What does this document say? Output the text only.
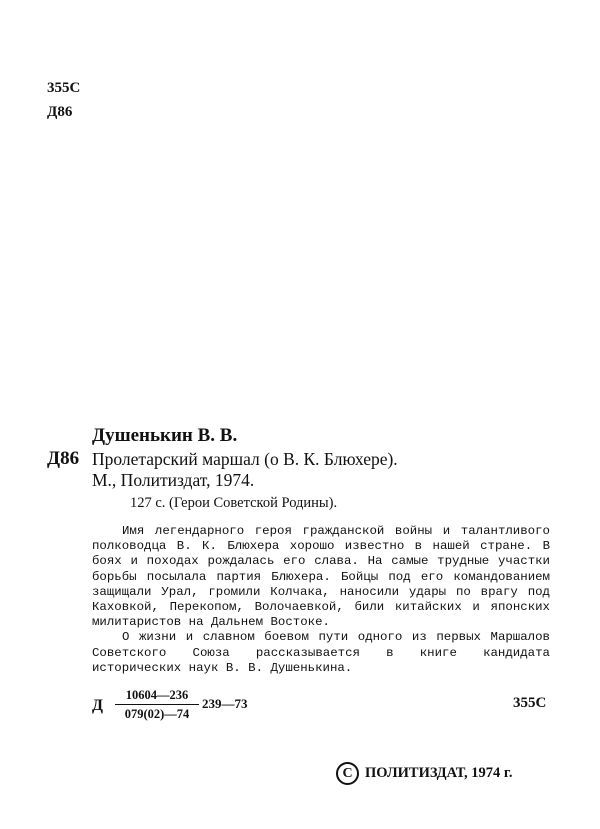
355С
Д86
Душенькин В. В.
Д86 Пролетарский маршал (о В. К. Блюхере).
М., Политиздат, 1974.
127 с. (Герои Советской Родины).

Имя легендарного героя гражданской войны и талантливого полководца В. К. Блюхера хорошо известно в нашей стране. В боях и походах рождалась его слава. На самые трудные участки борьбы посылала партия Блюхера. Бойцы под его командованием защищали Урал, громили Колчака, наносили удары по врагу под Каховкой, Перекопом, Волочаевкой, били китайских и японских милитаристов на Дальнем Востоке.

О жизни и славном боевом пути одного из первых Маршалов Советского Союза рассказывается в книге кандидата исторических наук В. В. Душенькина.

Д
10604—236
079(02)—74
239—73	355С
C ПОЛИТИЗДАТ, 1974 г.
